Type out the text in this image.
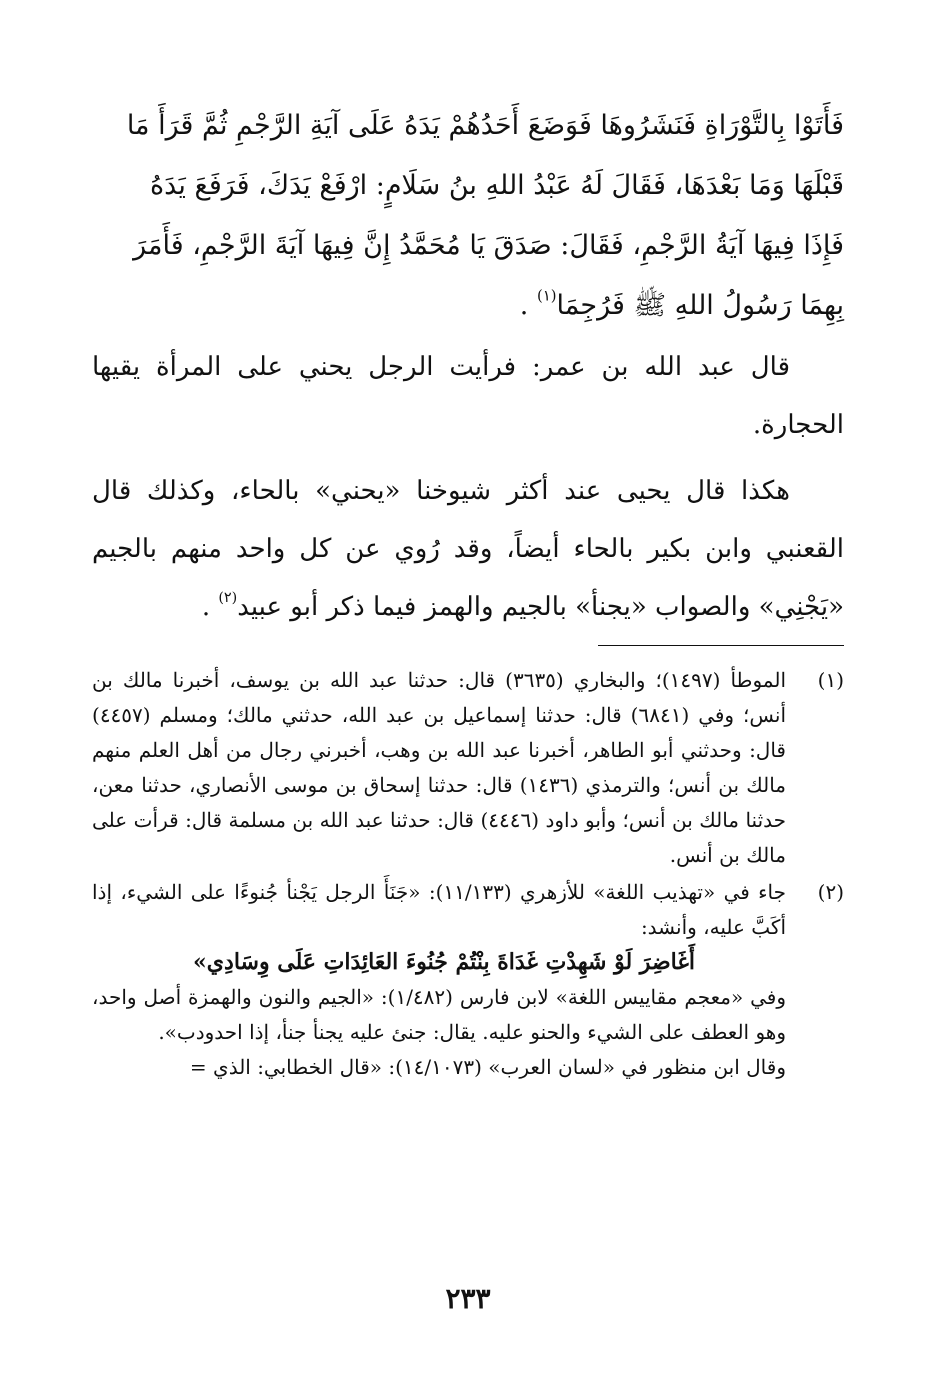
فَأَتَوْا بِالتَّوْرَاةِ فَنَشَرُوهَا فَوَضَعَ أَحَدُهُمْ يَدَهُ عَلَى آيَةِ الرَّجْمِ ثُمَّ قَرَأَ مَا

قَبْلَهَا وَمَا بَعْدَهَا، فَقَالَ لَهُ عَبْدُ اللهِ بنُ سَلَامٍ: ارْفَعْ يَدَكَ، فَرَفَعَ يَدَهُ

فَإِذَا فِيهَا آيَةُ الرَّجْمِ، فَقَالَ: صَدَقَ يَا مُحَمَّدُ إِنَّ فِيهَا آيَةَ الرَّجْمِ، فَأَمَرَ

بِهِمَا رَسُولُ اللهِ ﷺ فَرُجِمَا$^{(١)}$ .

قال عبد الله بن عمر: فرأيت الرجل يحني على المرأة يقيها الحجارة.

هكذا قال يحيى عند أكثر شيوخنا «يحني» بالحاء، وكذلك قال القعنبي وابن بكير بالحاء أيضاً، وقد رُوي عن كل واحد منهم بالجيم «يَجْنِي» والصواب «يجنأ» بالجيم والهمز فيما ذكر أبو عبيد$^{(٢)}$ .

(١)

الموطأ (١٤٩٧)؛ والبخاري (٣٦٣٥) قال: حدثنا عبد الله بن يوسف، أخبرنا مالك بن أنس؛ وفي (٦٨٤١) قال: حدثنا إسماعيل بن عبد الله، حدثني مالك؛ ومسلم (٤٤٥٧) قال: وحدثني أبو الطاهر، أخبرنا عبد الله بن وهب، أخبرني رجال من أهل العلم منهم مالك بن أنس؛ والترمذي (١٤٣٦) قال: حدثنا إسحاق بن موسى الأنصاري، حدثنا معن، حدثنا مالك بن أنس؛ وأبو داود (٤٤٤٦) قال: حدثنا عبد الله بن مسلمة قال: قرأت على مالك بن أنس.

(٢)

جاء في «تهذيب اللغة» للأزهري (١١/١٣٣): «جَنَأَ الرجل يَجْنأ جُنوءًا على الشيء، إذا أكَبَّ عليه، وأنشد:

أَغَاضِرَ لَوْ شَهِدْتِ غَدَاةَ بِنْتُمْ جُنُوءَ العَائِدَاتِ عَلَى وِسَادِي»

وفي «معجم مقاييس اللغة» لابن فارس (١/٤٨٢): «الجيم والنون والهمزة أصل واحد، وهو العطف على الشيء والحنو عليه. يقال: جنئ عليه يجنأ جنأ، إذا احدودب».

وقال ابن منظور في «لسان العرب» (١٤/١٠٧٣): «قال الخطابي: الذي =

٢٣٣
